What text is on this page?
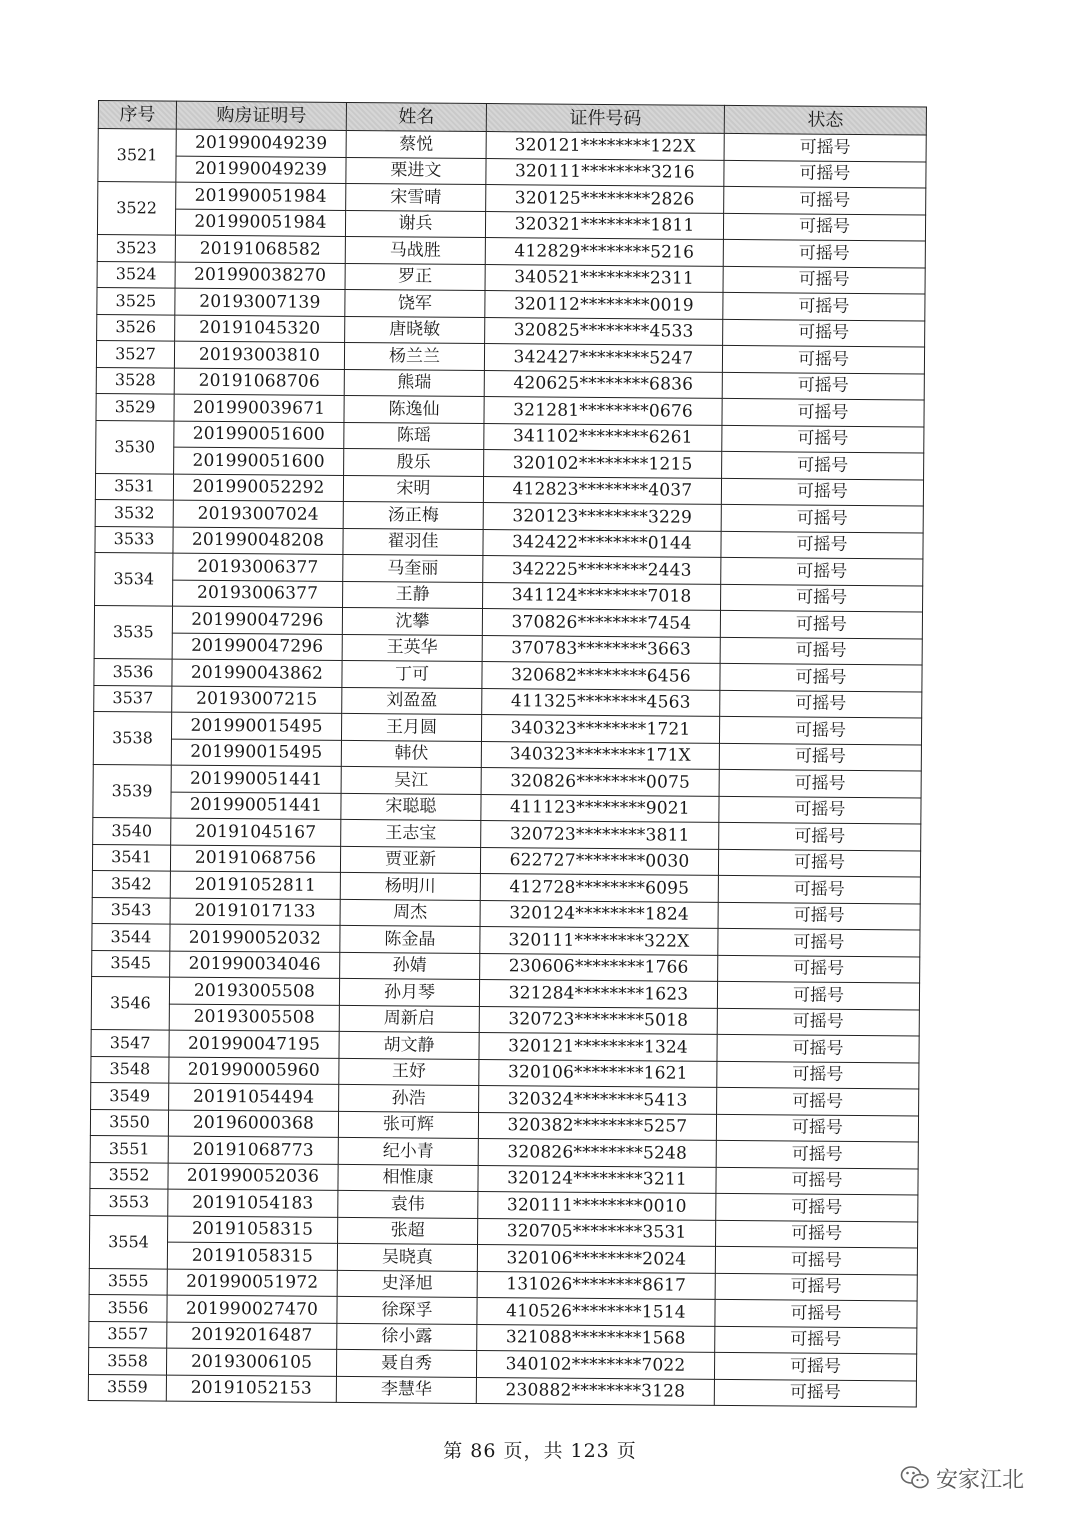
序号	购房证明号	姓名	证件号码	状态
3521	201990049239	蔡悦	320121********122X	可摇号
	201990049239	栗进文	320111********3216	可摇号
3522	201990051984	宋雪晴	320125********2826	可摇号
	201990051984	谢兵	320321********1811	可摇号
3523	20191068582	马战胜	412829********5216	可摇号
3524	201990038270	罗正	340521********2311	可摇号
3525	20193007139	饶军	320112********0019	可摇号
3526	20191045320	唐晓敏	320825********4533	可摇号
3527	20193003810	杨兰兰	342427********5247	可摇号
3528	20191068706	熊瑞	420625********6836	可摇号
3529	201990039671	陈逸仙	321281********0676	可摇号
3530	201990051600	陈瑶	341102********6261	可摇号
	201990051600	殷乐	320102********1215	可摇号
3531	201990052292	宋明	412823********4037	可摇号
3532	20193007024	汤正梅	320123********3229	可摇号
3533	201990048208	翟羽佳	342422********0144	可摇号
3534	20193006377	马奎丽	342225********2443	可摇号
	20193006377	王静	341124********7018	可摇号
3535	201990047296	沈攀	370826********7454	可摇号
	201990047296	王英华	370783********3663	可摇号
3536	201990043862	丁可	320682********6456	可摇号
3537	20193007215	刘盈盈	411325********4563	可摇号
3538	201990015495	王月圆	340323********1721	可摇号
	201990015495	韩伏	340323********171X	可摇号
3539	201990051441	吴江	320826********0075	可摇号
	201990051441	宋聪聪	411123********9021	可摇号
3540	20191045167	王志宝	320723********3811	可摇号
3541	20191068756	贾亚新	622727********0030	可摇号
3542	20191052811	杨明川	412728********6095	可摇号
3543	20191017133	周杰	320124********1824	可摇号
3544	201990052032	陈金晶	320111********322X	可摇号
3545	201990034046	孙婧	230606********1766	可摇号
3546	20193005508	孙月琴	321284********1623	可摇号
	20193005508	周新启	320723********5018	可摇号
3547	201990047195	胡文静	320121********1324	可摇号
3548	201990005960	王妤	320106********1621	可摇号
3549	20191054494	孙浩	320324********5413	可摇号
3550	20196000368	张可辉	320382********5257	可摇号
3551	20191068773	纪小青	320826********5248	可摇号
3552	201990052036	相惟康	320124********3211	可摇号
3553	20191054183	袁伟	320111********0010	可摇号
3554	20191058315	张超	320705********3531	可摇号
	20191058315	吴晓真	320106********2024	可摇号
3555	201990051972	史泽旭	131026********8617	可摇号
3556	201990027470	徐琛孚	410526********1514	可摇号
3557	20192016487	徐小露	321088********1568	可摇号
3558	20193006105	聂自秀	340102********7022	可摇号
3559	20191052153	李慧华	230882********3128	可摇号
第 86 页，共 123 页
安家江北
